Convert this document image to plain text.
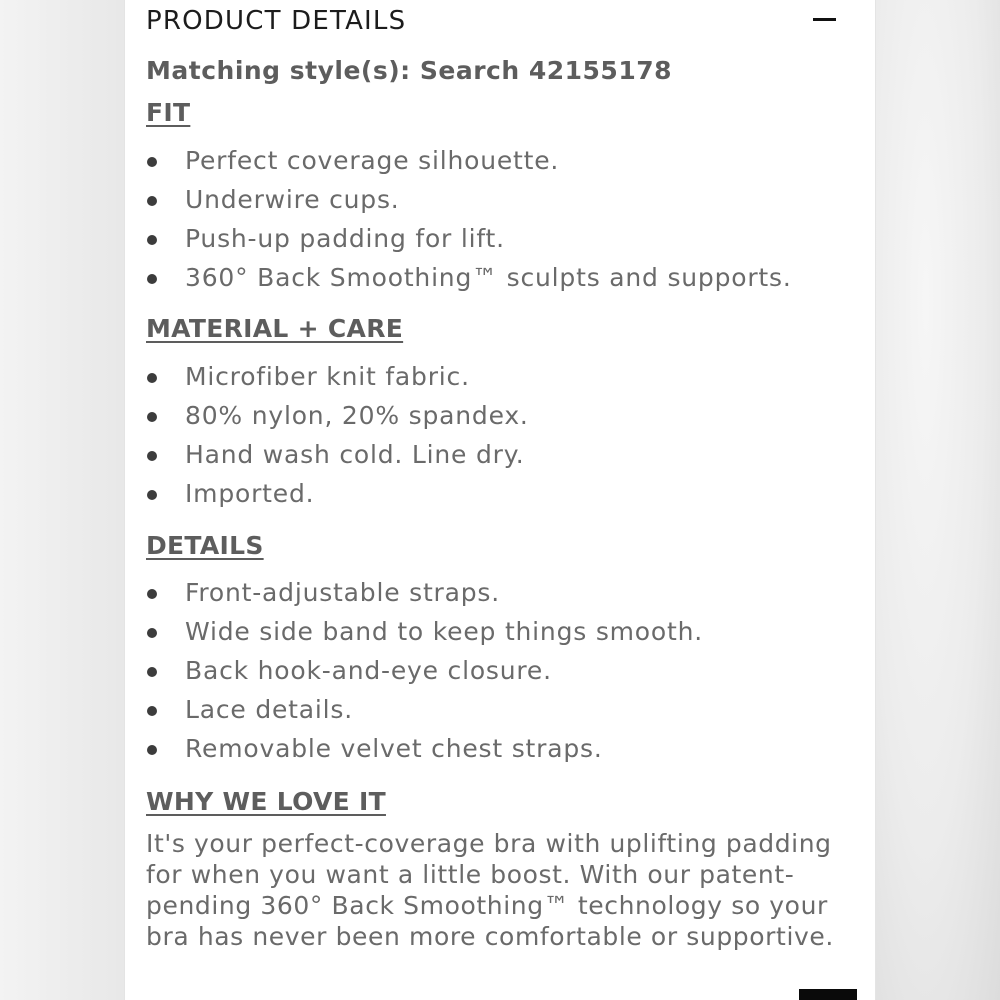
PRODUCT DETAILS
Matching style(s): Search 42155178
FIT
Perfect coverage silhouette.
Underwire cups.
Push-up padding for lift.
360° Back Smoothing™ sculpts and supports.
MATERIAL + CARE
Microfiber knit fabric.
80% nylon, 20% spandex.
Hand wash cold. Line dry.
Imported.
DETAILS
Front-adjustable straps.
Wide side band to keep things smooth.
Back hook-and-eye closure.
Lace details.
Removable velvet chest straps.
WHY WE LOVE IT
It's your perfect-coverage bra with uplifting padding for when you want a little boost. With our patent-pending 360° Back Smoothing™ technology so your bra has never been more comfortable or supportive.
